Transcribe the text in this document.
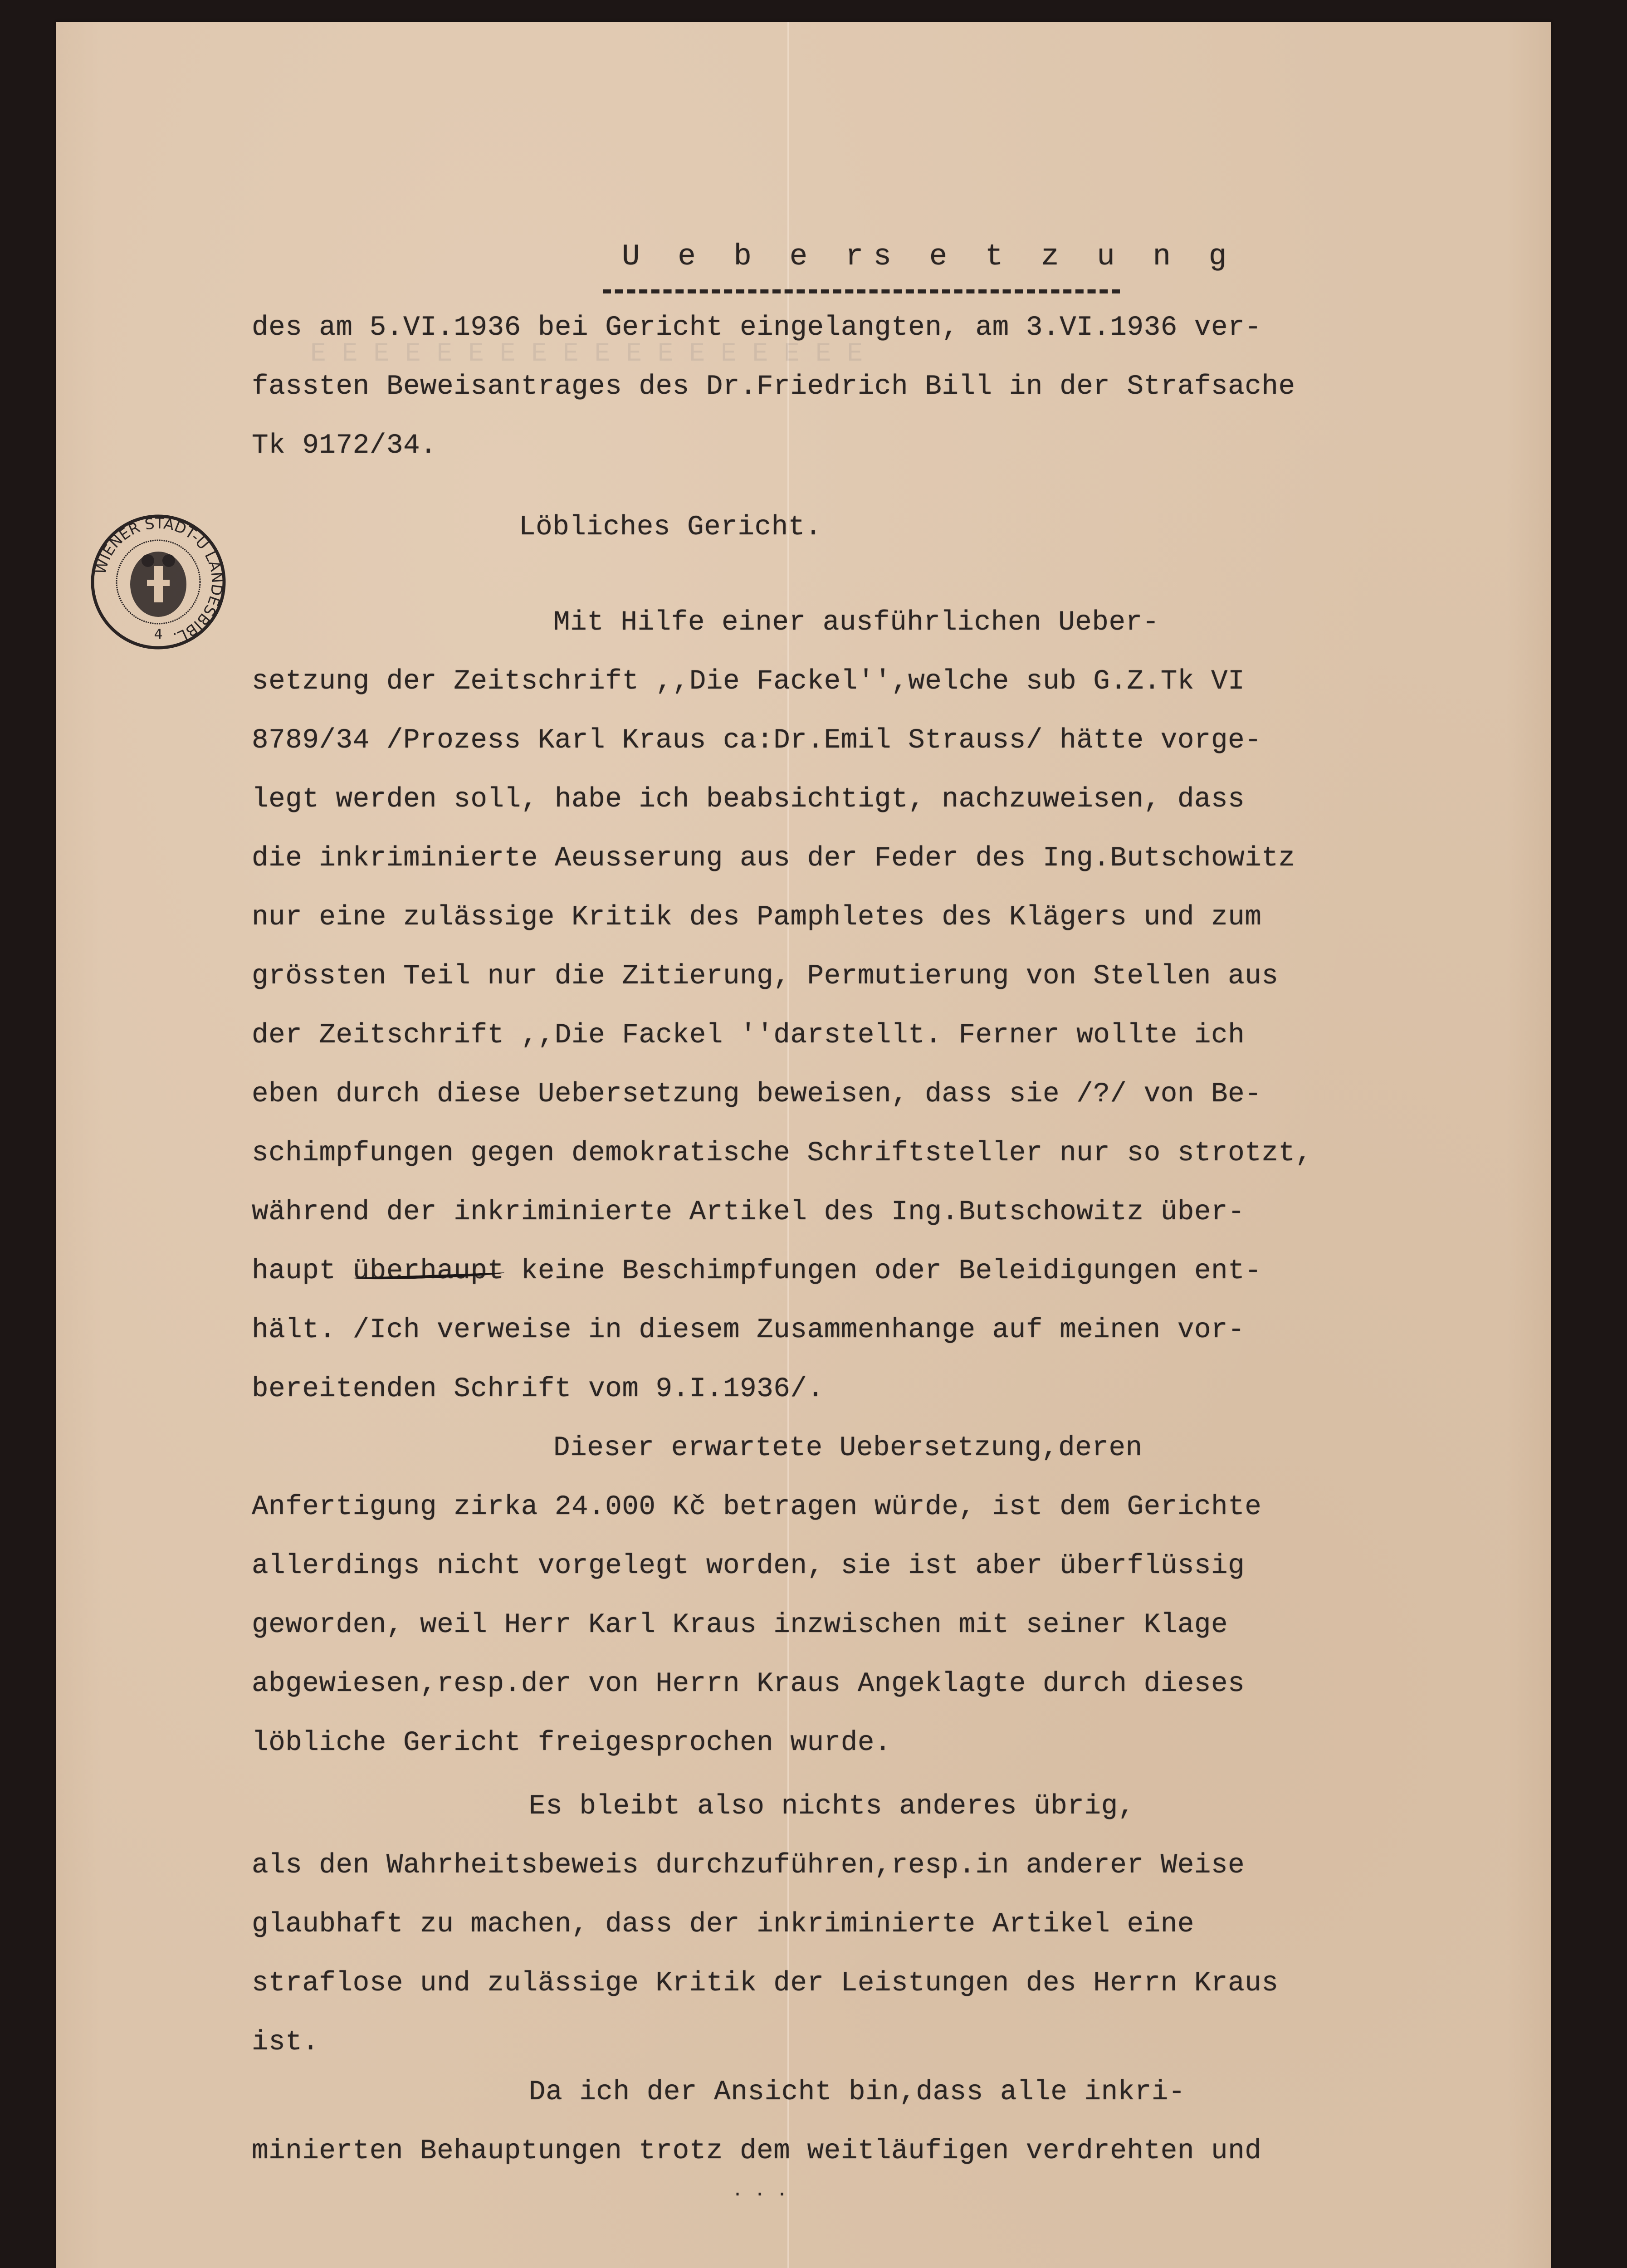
E E E E E E E E E E E E E E E E E E
WIENER STADT-U LANDESBIBL.
4
U e b e rs e t z u n g
des am 5.VI.1936 bei Gericht eingelangten, am 3.VI.1936 ver-
fassten Beweisantrages des Dr.Friedrich Bill in der Strafsache
Tk 9172/34.
Löbliches Gericht.
Mit Hilfe einer ausführlichen Ueber-
setzung der Zeitschrift ,,Die Fackel'',welche sub G.Z.Tk VI
8789/34 /Prozess Karl Kraus ca:Dr.Emil Strauss/ hätte vorge-
legt werden soll, habe ich beabsichtigt, nachzuweisen, dass
die inkriminierte Aeusserung aus der Feder des Ing.Butschowitz
nur eine zulässige Kritik des Pamphletes des Klägers und zum
grössten Teil nur die Zitierung, Permutierung von Stellen aus
der Zeitschrift ,,Die Fackel ''darstellt. Ferner wollte ich
eben durch diese Uebersetzung beweisen, dass sie /?/ von Be-
schimpfungen gegen demokratische Schriftsteller nur so strotzt,
während der inkriminierte Artikel des Ing.Butschowitz über-
haupt überhaupt keine Beschimpfungen oder Beleidigungen ent-
hält. /Ich verweise in diesem Zusammenhange auf meinen vor-
bereitenden Schrift vom 9.I.1936/.
Dieser erwartete Uebersetzung,deren
Anfertigung zirka 24.000 Kč betragen würde, ist dem Gerichte
allerdings nicht vorgelegt worden, sie ist aber überflüssig
geworden, weil Herr Karl Kraus inzwischen mit seiner Klage
abgewiesen,resp.der von Herrn Kraus Angeklagte durch dieses
löbliche Gericht freigesprochen wurde.
Es bleibt also nichts anderes übrig,
als den Wahrheitsbeweis durchzuführen,resp.in anderer Weise
glaubhaft zu machen, dass der inkriminierte Artikel eine
straflose und zulässige Kritik der Leistungen des Herrn Kraus
ist.
Da ich der Ansicht bin,dass alle inkri-
minierten Behauptungen trotz dem weitläufigen verdrehten und
. . .
